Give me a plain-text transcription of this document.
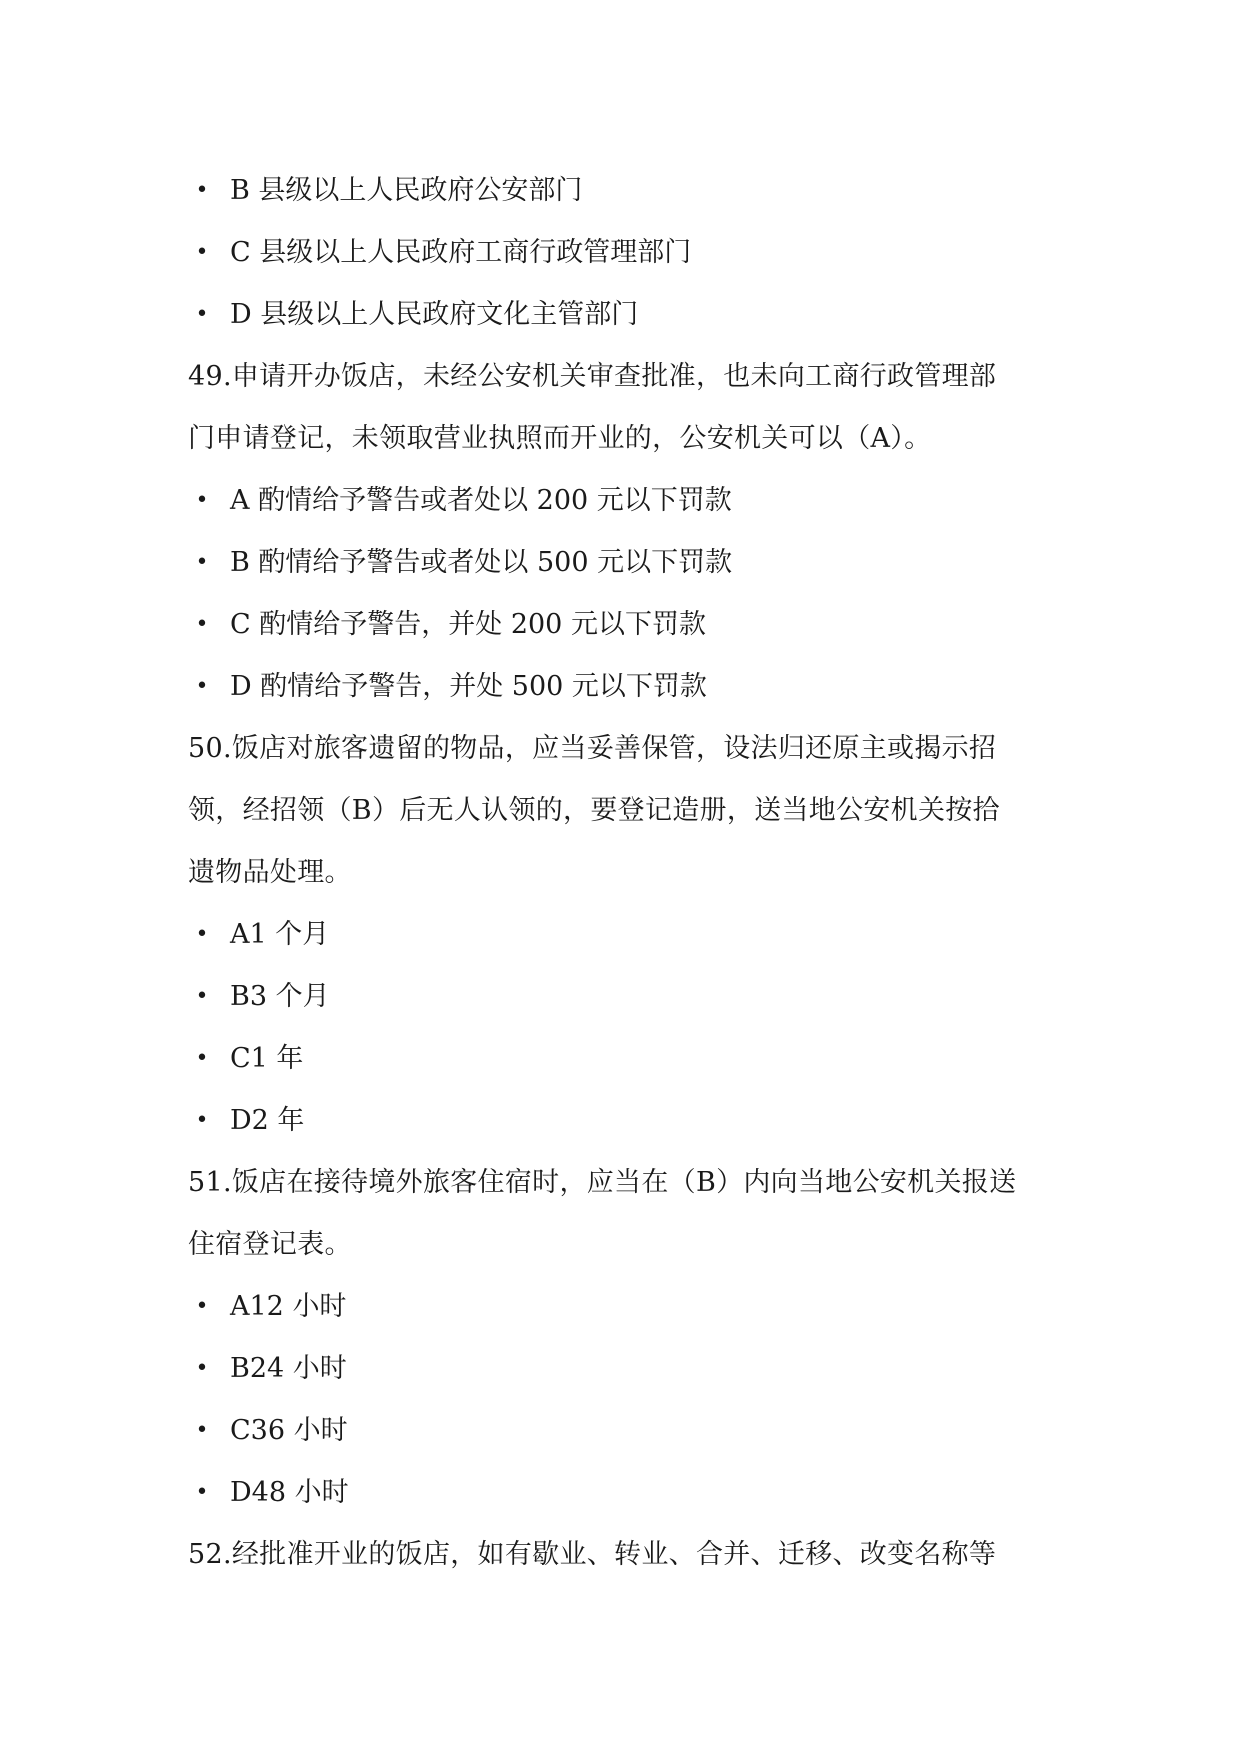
• B 县级以上人民政府公安部门
• C 县级以上人民政府工商行政管理部门
• D 县级以上人民政府文化主管部门
49.申请开办饭店，未经公安机关审查批准，也未向工商行政管理部
门申请登记，未领取营业执照而开业的，公安机关可以（A）。
• A 酌情给予警告或者处以 200 元以下罚款
• B 酌情给予警告或者处以 500 元以下罚款
• C 酌情给予警告，并处 200 元以下罚款
• D 酌情给予警告，并处 500 元以下罚款
50.饭店对旅客遗留的物品，应当妥善保管，设法归还原主或揭示招
领，经招领（B）后无人认领的，要登记造册，送当地公安机关按拾
遗物品处理。
• A1 个月
• B3 个月
• C1 年
• D2 年
51.饭店在接待境外旅客住宿时，应当在（B）内向当地公安机关报送
住宿登记表。
• A12 小时
• B24 小时
• C36 小时
• D48 小时
52.经批准开业的饭店，如有歇业、转业、合并、迁移、改变名称等
